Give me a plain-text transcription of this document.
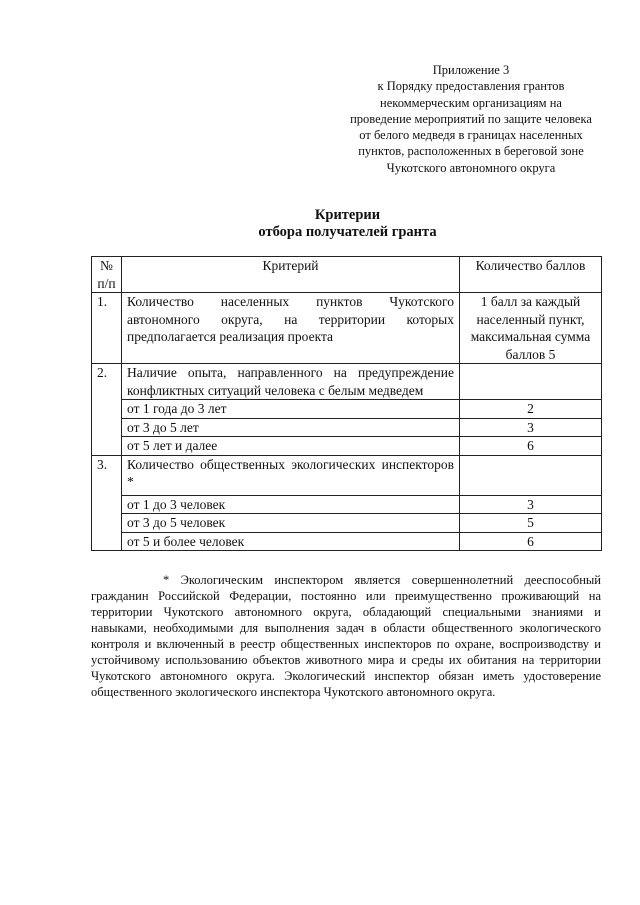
Приложение 3
к Порядку предоставления грантов
некоммерческим организациям на
проведение мероприятий по защите человека
от белого медведя в границах населенных
пунктов, расположенных в береговой зоне
Чукотского автономного округа
Критерии
отбора получателей гранта
№
п/п	Критерий	Количество баллов
1.	Количество населенных пунктов Чукотского автономного округа, на территории которых предполагается реализация проекта	1 балл за каждый
населенный пункт,
максимальная сумма
баллов 5

2.	Наличие опыта, направленного на предупреждение конфликтных ситуаций человека с белым медведем	
	от 1 года до 3 лет	2
	от 3 до 5 лет	3
	от 5 лет и далее	6
3.	Количество общественных экологических инспекторов *	
	от 1 до 3 человек	3
	от 3 до 5 человек	5
	от 5 и более человек	6

* Экологическим инспектором является совершеннолетний дееспособный гражданин Российской Федерации, постоянно или преимущественно проживающий на территории Чукотского автономного округа, обладающий специальными знаниями и навыками, необходимыми для выполнения задач в области общественного экологического контроля и включенный в реестр общественных инспекторов по охране, воспроизводству и устойчивому использованию объектов животного мира и среды их обитания на территории Чукотского автономного округа. Экологический инспектор обязан иметь удостоверение общественного экологического инспектора Чукотского автономного округа.
